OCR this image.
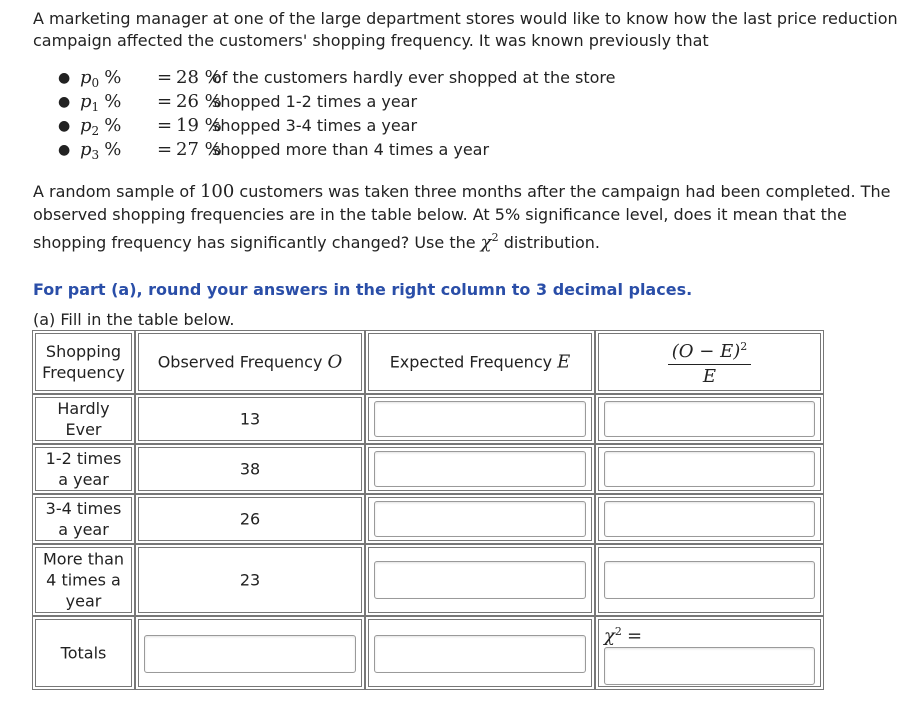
A marketing manager at one of the large department stores would like to know how the last price reduction
campaign affected the customers' shopping frequency. It was known previously that
● $p_0$ % = 28 %
of the customers hardly ever shopped at the store
● $p_1$ % = 26 %
shopped 1-2 times a year
● $p_2$ % = 19 %
shopped 3-4 times a year
● $p_3$ % = 27 %
shopped more than 4 times a year
A random sample of 100 customers was taken three months after the campaign had been completed. The
observed shopping frequencies are in the table below. At 5% significance level, does it mean that the
shopping frequency has significantly changed? Use the $\chi^2$ distribution.
For part (a), round your answers in the right column to 3 decimal places.
(a) Fill in the table below.
Shopping
Frequency
Observed Frequency O	Expected Frequency E	$(O - E)^2$
E
Hardly
Ever
13
1-2 times
a year
38
3-4 times
a year
26
More than
4 times a
year
23
Totals
$\chi^2$ =
